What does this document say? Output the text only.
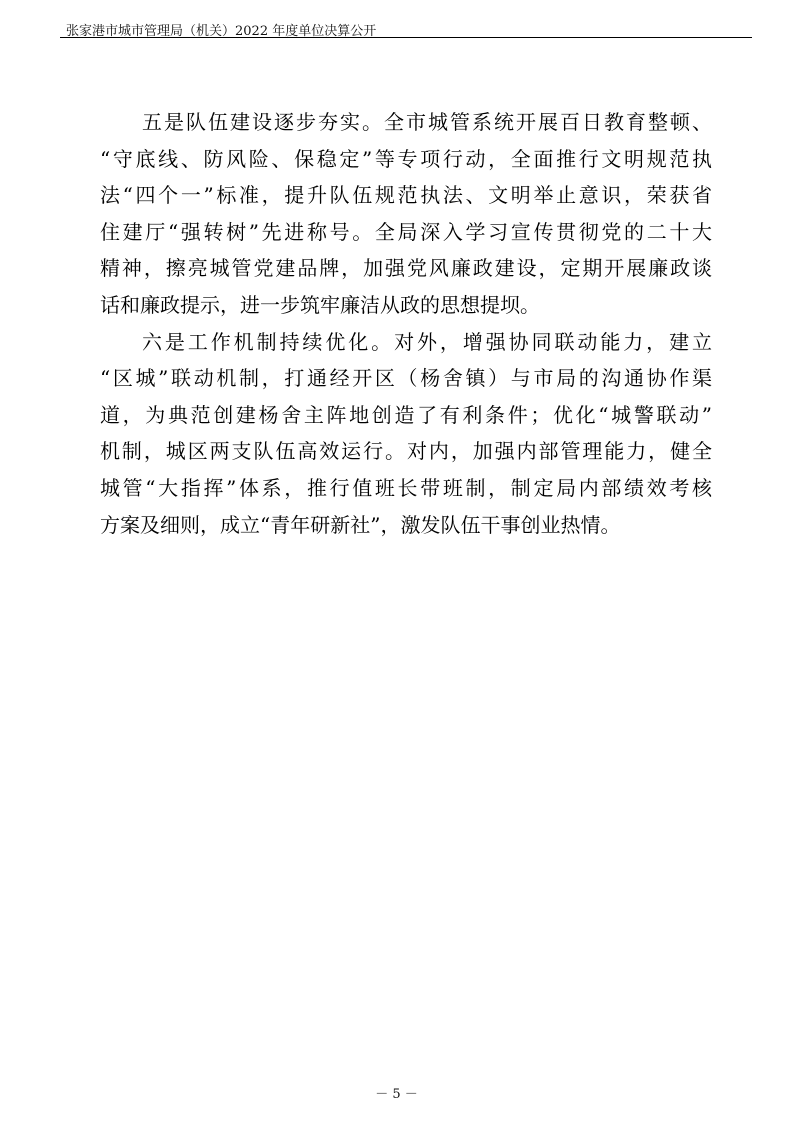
张家港市城市管理局（机关）2022 年度单位决算公开
五是队伍建设逐步夯实。全市城管系统开展百日教育整顿、
“守底线、防风险、保稳定”等专项行动，全面推行文明规范执
法“四个一”标准，提升队伍规范执法、文明举止意识，荣获省
住建厅“强转树”先进称号。全局深入学习宣传贯彻党的二十大
精神，擦亮城管党建品牌，加强党风廉政建设，定期开展廉政谈
话和廉政提示，进一步筑牢廉洁从政的思想提坝。
六是工作机制持续优化。对外，增强协同联动能力，建立
“区城”联动机制，打通经开区（杨舍镇）与市局的沟通协作渠
道，为典范创建杨舍主阵地创造了有利条件；优化“城警联动”
机制，城区两支队伍高效运行。对内，加强内部管理能力，健全
城管“大指挥”体系，推行值班长带班制，制定局内部绩效考核
方案及细则，成立“青年研新社”，激发队伍干事创业热情。
－ 5 －
